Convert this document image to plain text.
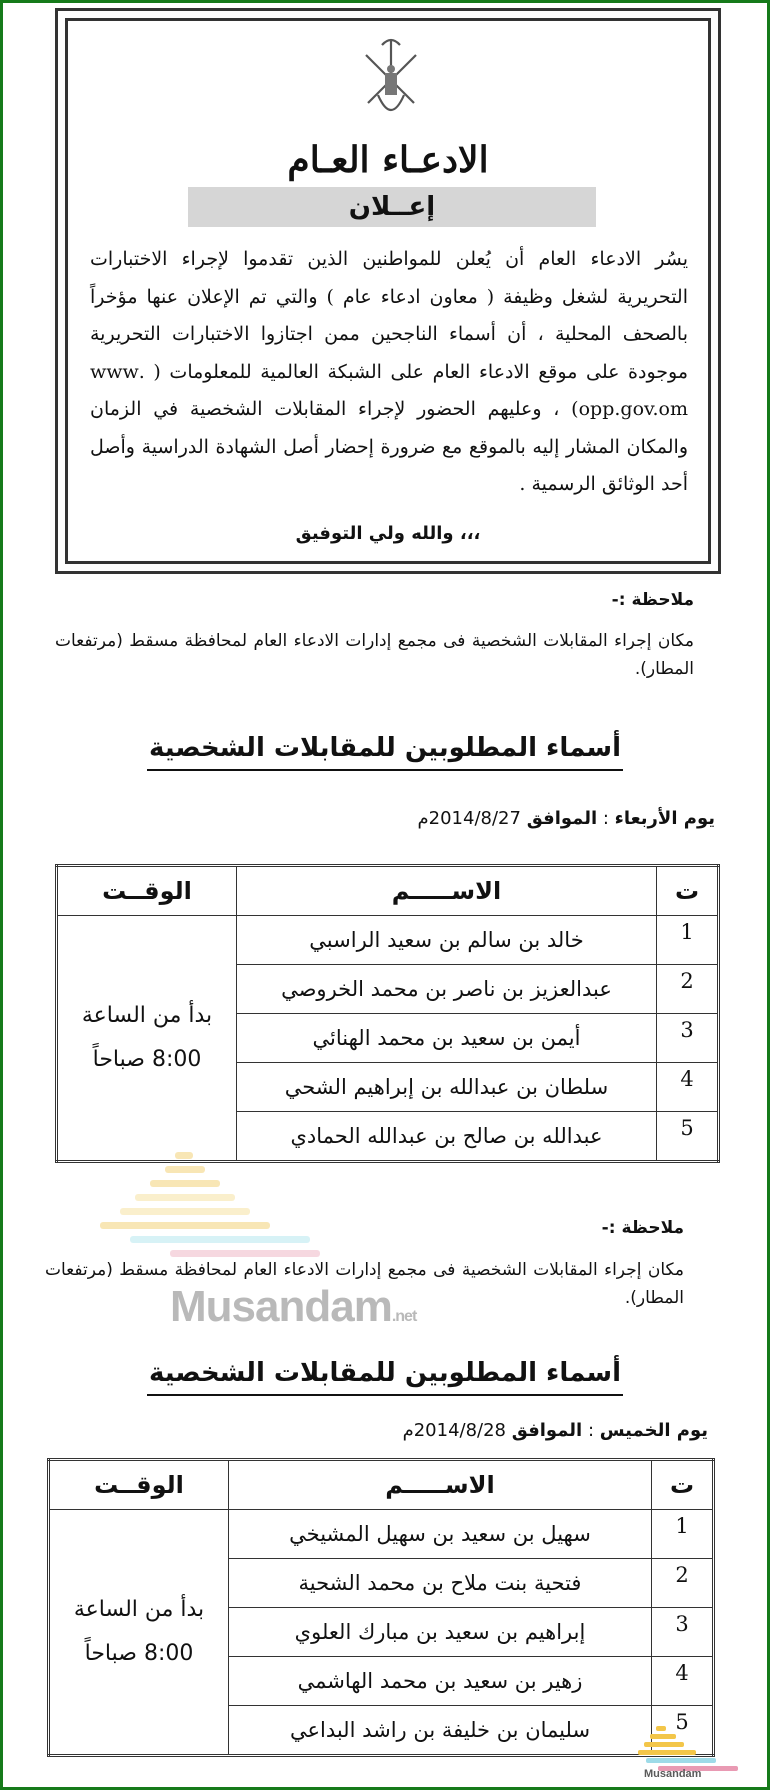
الادعـاء العـام
إعــلان
يسُر الادعاء العام أن يُعلن للمواطنين الذين تقدموا لإجراء الاختبارات
التحريرية لشغل وظيفة ( معاون ادعاء عام ) والتي تم الإعلان عنها مؤخراً
بالصحف المحلية ، أن أسماء الناجحين ممن اجتازوا الاختبارات التحريرية
موجودة على موقع الادعاء العام على الشبكة العالمية للمعلومات ( .www
opp.gov.om) ، وعليهم الحضور لإجراء المقابلات الشخصية في الزمان
والمكان المشار إليه بالموقع مع ضرورة إحضار أصل الشهادة الدراسية وأصل
أحد الوثائق الرسمية .
والله ولي التوفيق ،،،
ملاحظة :-
مكان إجراء المقابلات الشخصية فى مجمع إدارات الادعاء العام لمحافظة مسقط (مرتفعات المطار).
أسماء المطلوبين للمقابلات الشخصية
يوم الأربعاء : الموافق 2014/8/27م
ت	الاســـــم	الوقــت
1	خالد بن سالم بن سعيد الراسبي	بدأ من الساعة
8:00 صباحاً
2	عبدالعزيز بن ناصر بن محمد الخروصي	
3	أيمن بن سعيد بن محمد الهنائي	
4	سلطان بن عبدالله بن إبراهيم الشحي	
5	عبدالله بن صالح بن عبدالله الحمادي	
Musandam.net
ملاحظة :-
مكان إجراء المقابلات الشخصية فى مجمع إدارات الادعاء العام لمحافظة مسقط (مرتفعات المطار).
أسماء المطلوبين للمقابلات الشخصية
يوم الخميس : الموافق 2014/8/28م
ت	الاســـــم	الوقــت
1	سهيل بن سعيد بن سهيل المشيخي	بدأ من الساعة
8:00 صباحاً
2	فتحية بنت ملاح بن محمد الشحية	
3	إبراهيم بن سعيد بن مبارك العلوي	
4	زهير بن سعيد بن محمد الهاشمي	
5	سليمان بن خليفة بن راشد البداعي	
Musandam
